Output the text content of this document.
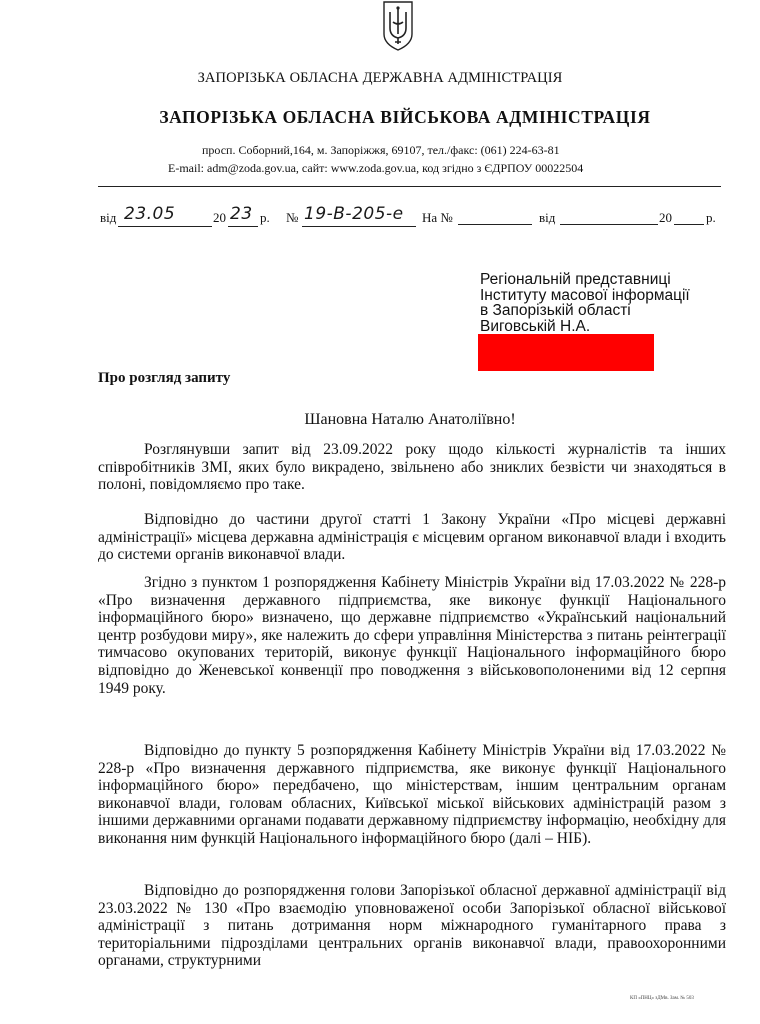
ЗАПОРІЗЬКА ОБЛАСНА ДЕРЖАВНА АДМІНІСТРАЦІЯ
ЗАПОРІЗЬКА ОБЛАСНА ВІЙСЬКОВА АДМІНІСТРАЦІЯ
просп. Соборний,164, м. Запоріжжя, 69107, тел./факс: (061) 224-63-81
E-mail: adm@zoda.gov.ua, сайт: www.zoda.gov.ua, код згідно з ЄДРПОУ 00022504
від 23.05	20 23 р. № 19-В-205-е На №	від	20	р.
Регіональній представниці
Інституту масової інформації
в Запорізькій області
Виговській Н.А.
Про розгляд запиту
Шановна Наталю Анатоліївно!

Розглянувши запит від 23.09.2022 року щодо кількості журналістів та інших співробітників ЗМІ, яких було викрадено, звільнено або зниклих безвісти чи знаходяться в полоні, повідомляємо про таке.

Відповідно до частини другої статті 1 Закону України «Про місцеві державні адміністрації» місцева державна адміністрація є місцевим органом виконавчої влади і входить до системи органів виконавчої влади.

Згідно з пунктом 1 розпорядження Кабінету Міністрів України від 17.03.2022 № 228-р «Про визначення державного підприємства, яке виконує функції Національного інформаційного бюро» визначено, що державне підприємство «Український національний центр розбудови миру», яке належить до сфери управління Міністерства з питань реінтеграції тимчасово окупованих територій, виконує функції Національного інформаційного бюро відповідно до Женевської конвенції про поводження з військовополоненими від 12 серпня 1949 року.

Відповідно до пункту 5 розпорядження Кабінету Міністрів України від 17.03.2022 № 228-р «Про визначення державного підприємства, яке виконує функції Національного інформаційного бюро» передбачено, що міністерствам, іншим центральним органам виконавчої влади, головам обласних, Київської міської військових адміністрацій разом з іншими державними органами подавати державному підприємству інформацію, необхідну для виконання ним функцій Національного інформаційного бюро (далі – НІБ).

Відповідно до розпорядження голови Запорізької обласної державної адміністрації від 23.03.2022 № 130 «Про взаємодію уповноваженої особи Запорізької обласної військової адміністрації з питань дотримання норм міжнародного гуманітарного права з територіальними підрозділами центральних органів виконавчої влади, правоохоронними органами, структурними

КП «ПНЦ» зДМв. Зам. № 503
